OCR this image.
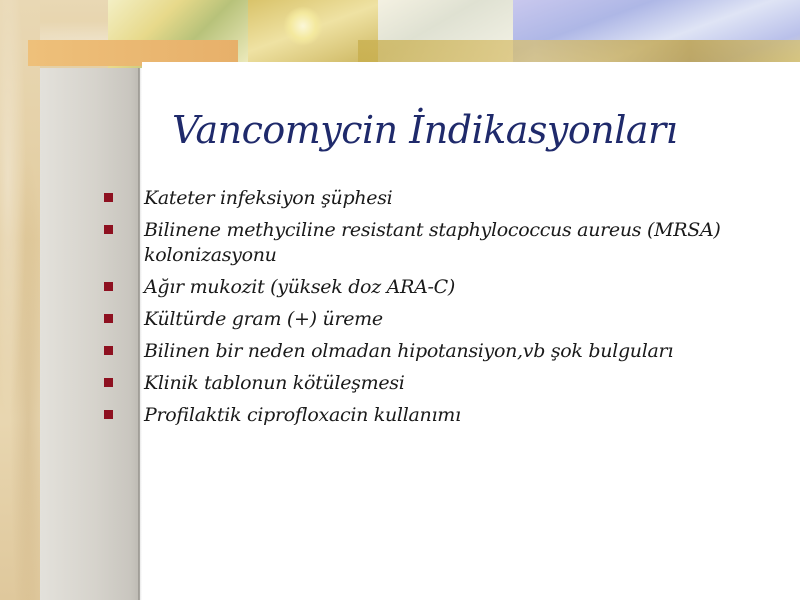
Vancomycin İndikasyonları
Kateter infeksiyon şüphesi
Bilinene methyciline resistant staphylococcus aureus (MRSA) kolonizasyonu
Ağır mukozit (yüksek doz ARA-C)
Kültürde gram (+) üreme
Bilinen bir neden olmadan hipotansiyon,vb şok bulguları
Klinik tablonun kötüleşmesi
Profilaktik ciprofloxacin kullanımı
